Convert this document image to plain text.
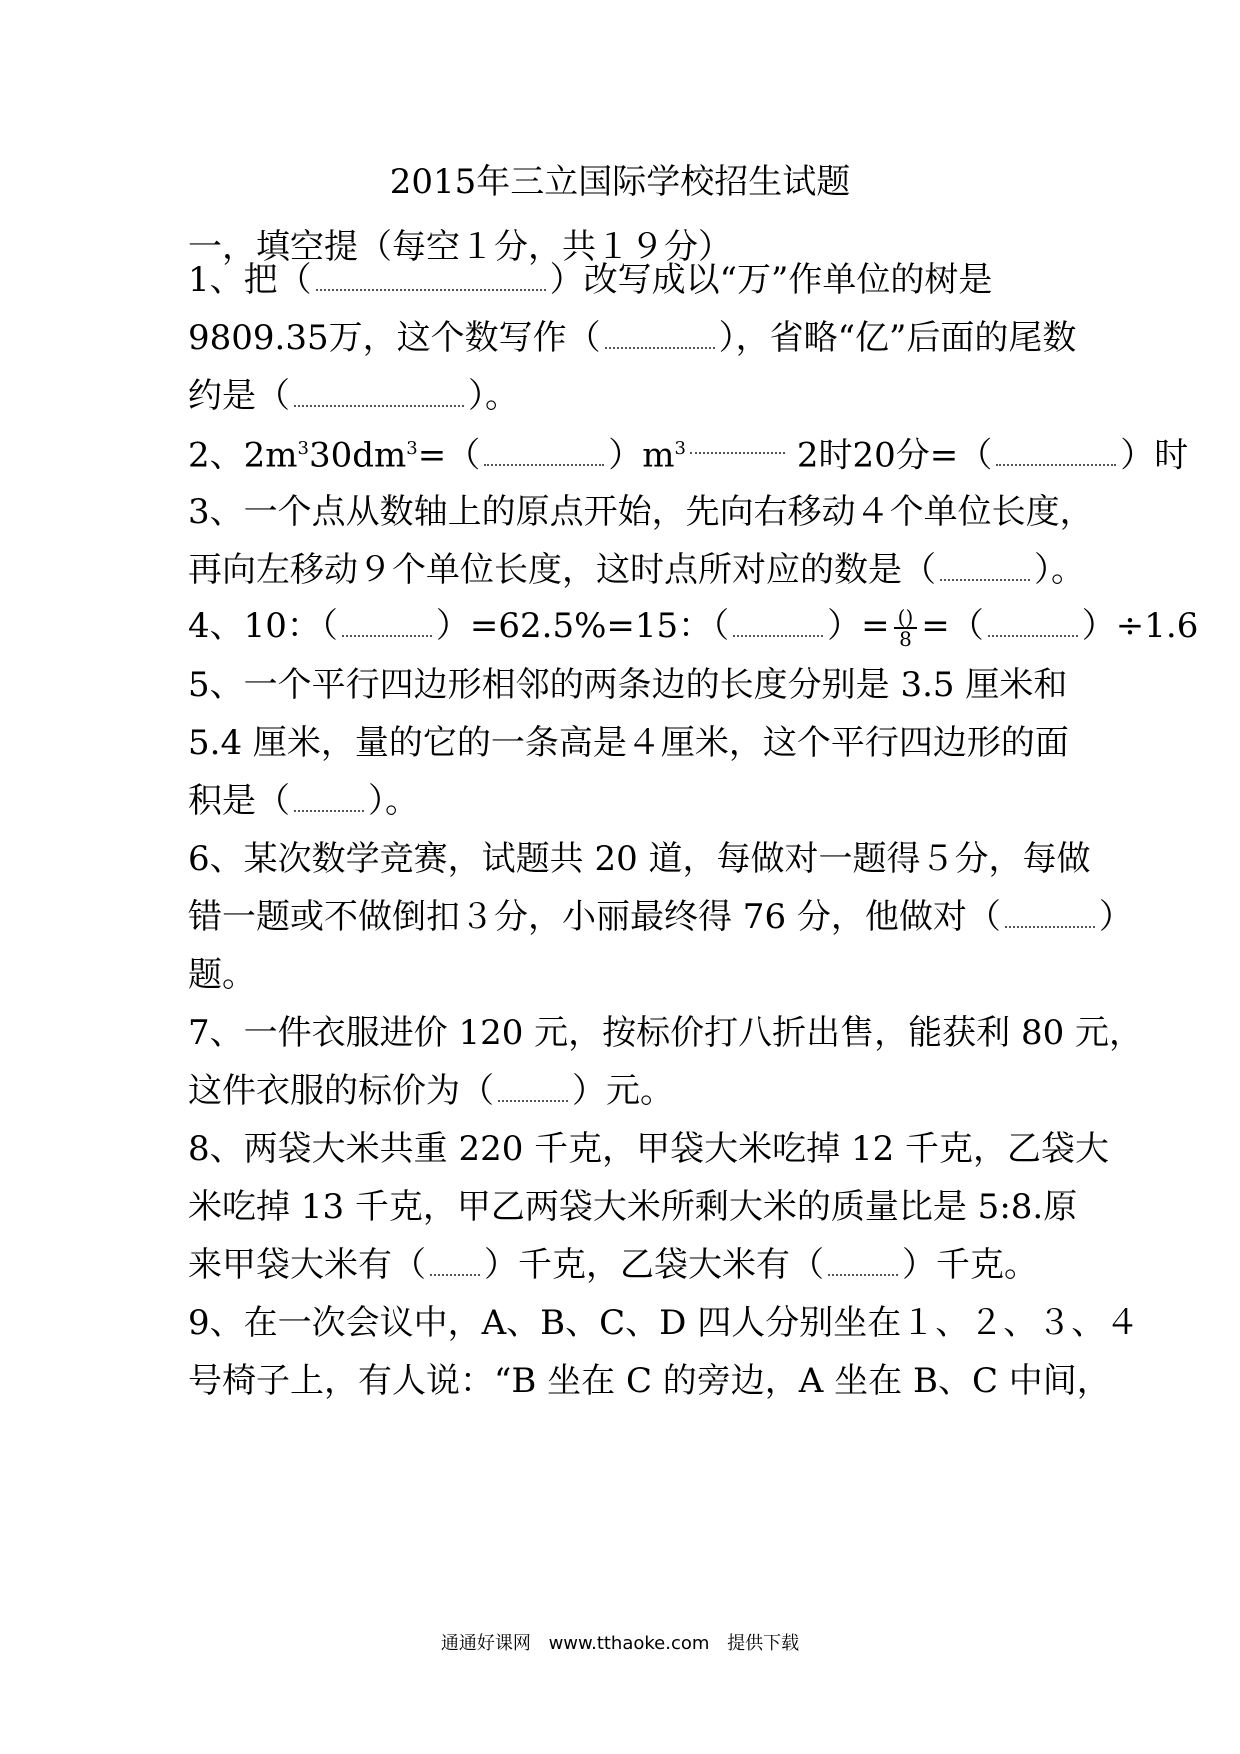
2015年三立国际学校招生试题
一，填空提（每空１分，共１９分）
1、把（	）改写成以“万”作单位的树是
9809.35万，这个数写作（	），省略“亿”后面的尾数
约是（	）。
2、$2m^330dm^3=$（	）$m^3$	2时20分=（	）时
3、一个点从数轴上的原点开始，先向右移动４个单位长度，
再向左移动９个单位长度，这时点所对应的数是（	）。
4、10：（	）=62.5%=15：（	）= $\frac{()}{8}$ =（	）÷1.6
5、一个平行四边形相邻的两条边的长度分别是 3.5 厘米和
5.4 厘米，量的它的一条高是４厘米，这个平行四边形的面
积是（ ）。
6、某次数学竞赛，试题共 20 道，每做对一题得５分，每做
错一题或不做倒扣３分，小丽最终得 76 分，他做对（	）
题。
7、一件衣服进价 120 元，按标价打八折出售，能获利 80 元，
这件衣服的标价为（ ）元。
8、两袋大米共重 220 千克，甲袋大米吃掉 12 千克，乙袋大
米吃掉 13 千克，甲乙两袋大米所剩大米的质量比是 5:8.原
来甲袋大米有（ ）千克，乙袋大米有（ ）千克。
9、在一次会议中，A、B、C、D 四人分别坐在１、２、３、４
号椅子上，有人说：“B 坐在 C 的旁边，A 坐在 B、C 中间，
通通好课网 www.tthaoke.com 提供下载
